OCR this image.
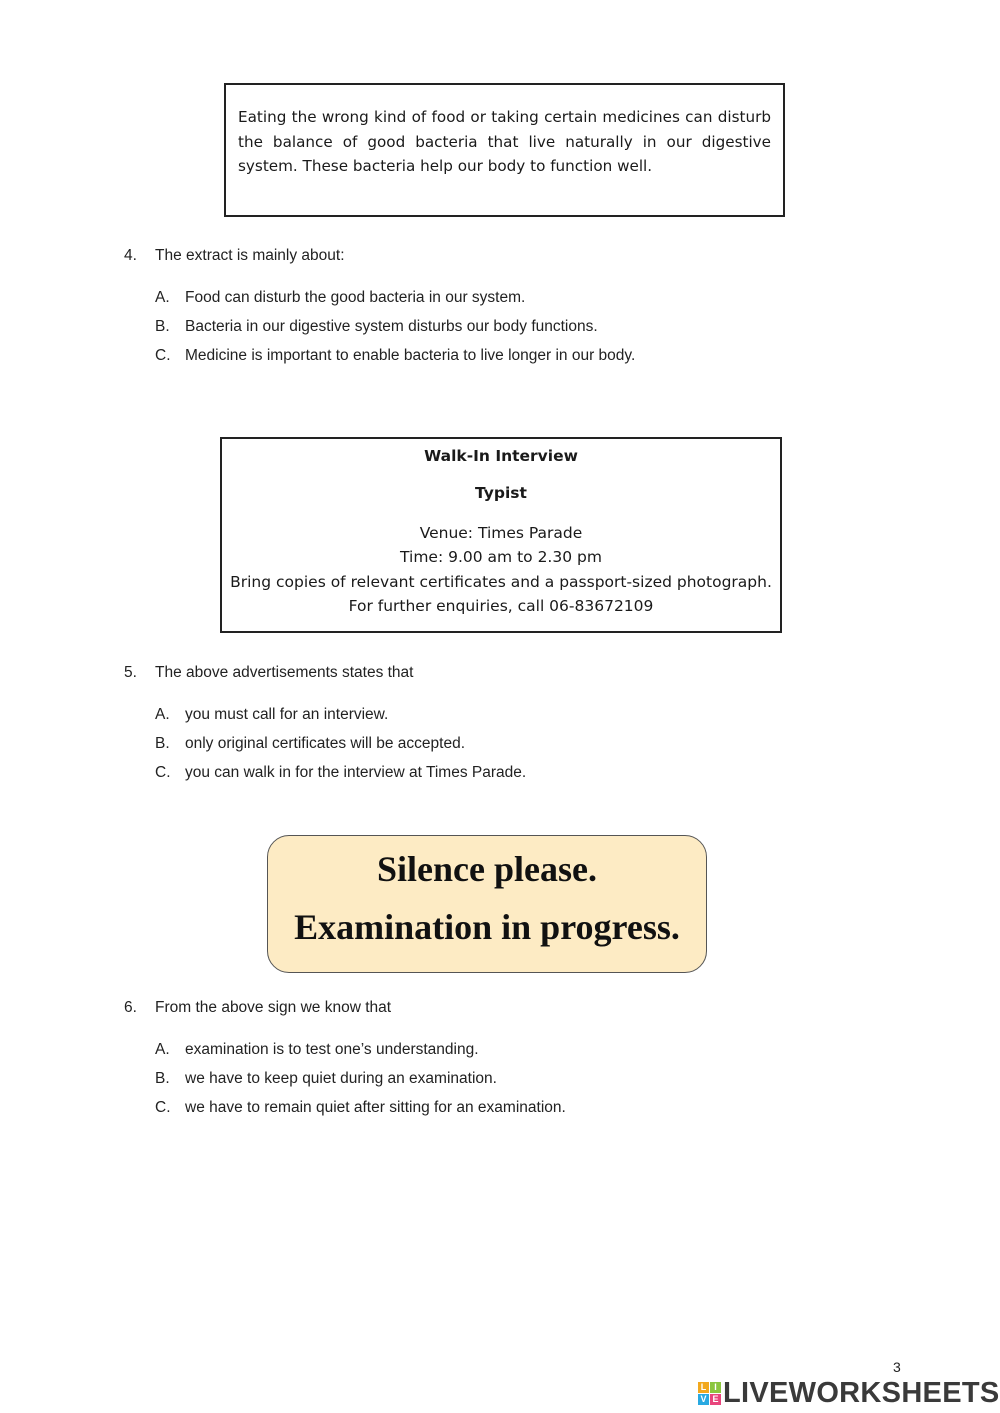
Eating the wrong kind of food or taking certain medicines can disturb the balance of good bacteria that live naturally in our digestive system. These bacteria help our body to function well.

4. The extract is mainly about:
A. Food can disturb the good bacteria in our system.
B. Bacteria in our digestive system disturbs our body functions.
C. Medicine is important to enable bacteria to live longer in our body.
Walk-In Interview
Typist
Venue: Times Parade
Time: 9.00 am to 2.30 pm
Bring copies of relevant certificates and a passport-sized photograph.
For further enquiries, call 06-83672109
5. The above advertisements states that
A. you must call for an interview.
B. only original certificates will be accepted.
C. you can walk in for the interview at Times Parade.
Silence please.
Examination in progress.
6. From the above sign we know that
A. examination is to test one’s understanding.
B. we have to keep quiet during an examination.
C. we have to remain quiet after sitting for an examination.
3
L I
V E LIVEWORKSHEETS
